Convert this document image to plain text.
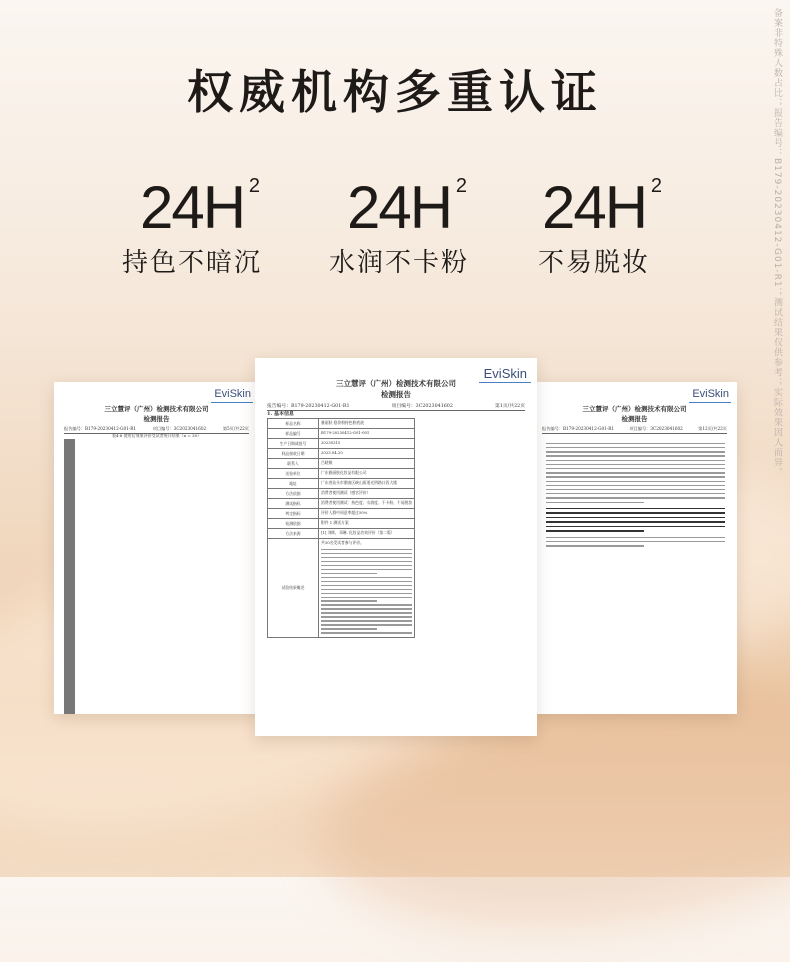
备案非特殊人数占比；报告编号：B179-20230412-G01-R1；测试结果仅供参考；实际效果因人而异。
权威机构多重认证
24H 2
持色不暗沉
24H 2
水润不卡粉
24H 2
不易脱妆
EviSkin
三立慧评（广州）检测技术有限公司
检测报告
报告编号：B179-20230412-G01-R1	项目编号：3C2023041602	第5页/共22页
表4-8 使用后效果评价受试者统计结果（n = 30）

EviSkin
三立慧评（广州）检测技术有限公司
检测报告
报告编号：B179-20230412-G01-R1	项目编号：3C2023041602	第1页/共22页
1. 基本信息
样品名称	雅丽肤 稳妆粉持色粉底液
样品编号	B179-20230412-G01-001
生产日期或批号	20230315
样品接收日期	2023.04.20
联系人	吕晓敏
送检单位	广东雅丽肤化妆品有限公司
地址	广东省汕头市潮南区峡山街道光明路口西大楼
方法依据	消费者使用测试（感官评价）
测试指标	消费者使用测试：持色度、水润度、不卡粉、不易脱妆
判定指标	评价人群中同意率超过50%
检测依据	附件 1 测试方案
方法来源	[1] 刘晖，邓琳. 化妆品功效评价（第二版）
试验结果概述	共30名受试者参与评价。
EviSkin
三立慧评（广州）检测技术有限公司
检测报告
报告编号：B179-20230412-G01-R1	项目编号：3C2023041602	第12页/共22页
